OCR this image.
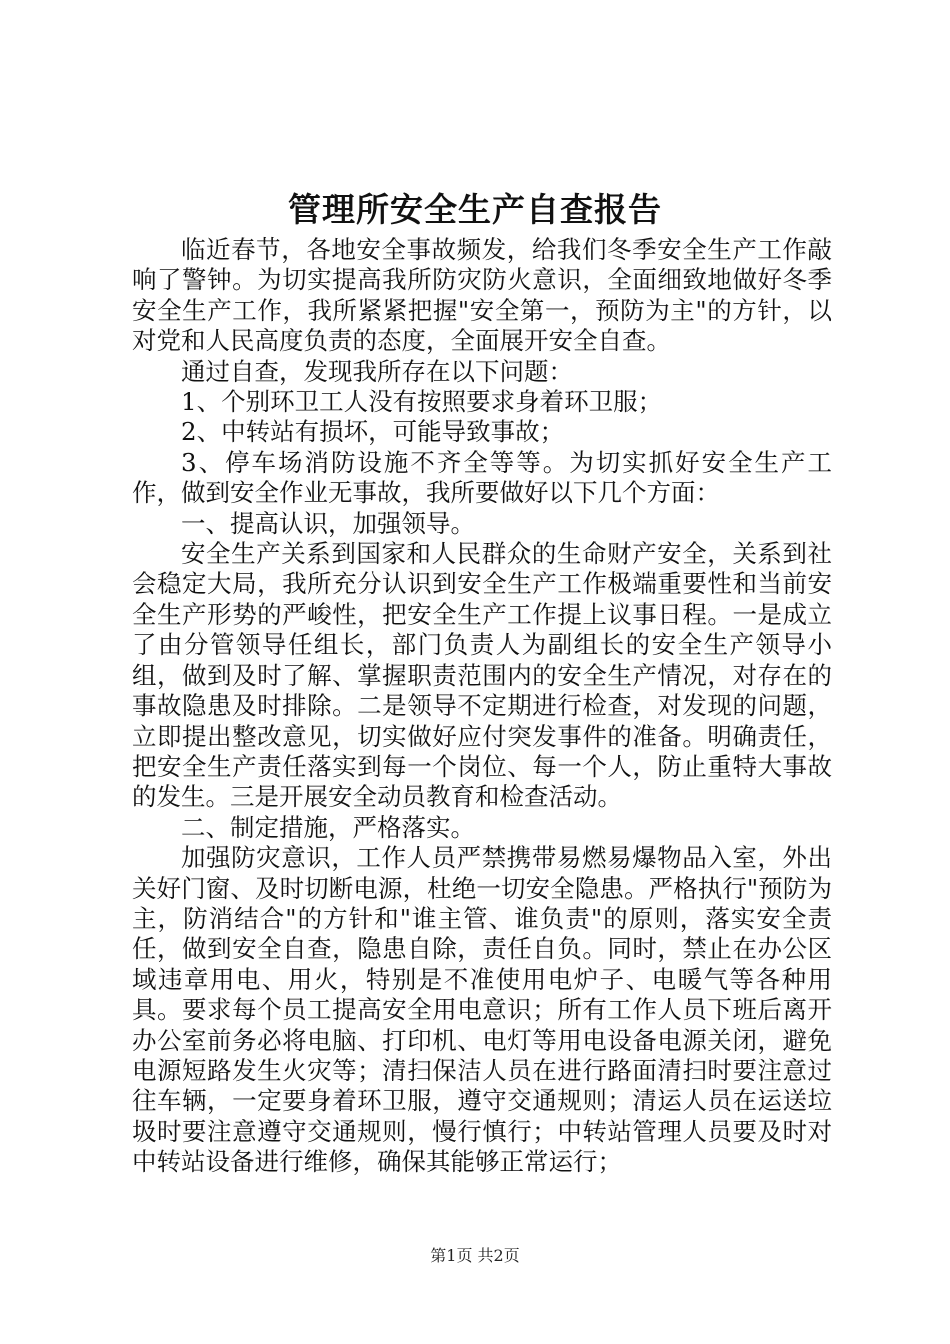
管理所安全生产自查报告

临近春节，各地安全事故频发，给我们冬季安全生产工作敲响了警钟。为切实提高我所防灾防火意识，全面细致地做好冬季安全生产工作，我所紧紧把握"安全第一，预防为主"的方针，以对党和人民高度负责的态度，全面展开安全自查。

通过自查，发现我所存在以下问题：

1、个别环卫工人没有按照要求身着环卫服；

2、中转站有损坏，可能导致事故；

3、停车场消防设施不齐全等等。为切实抓好安全生产工作，做到安全作业无事故，我所要做好以下几个方面：

一、提高认识，加强领导。

安全生产关系到国家和人民群众的生命财产安全，关系到社会稳定大局，我所充分认识到安全生产工作极端重要性和当前安全生产形势的严峻性，把安全生产工作提上议事日程。一是成立了由分管领导任组长，部门负责人为副组长的安全生产领导小组，做到及时了解、掌握职责范围内的安全生产情况，对存在的事故隐患及时排除。二是领导不定期进行检查，对发现的问题，立即提出整改意见，切实做好应付突发事件的准备。明确责任，把安全生产责任落实到每一个岗位、每一个人，防止重特大事故的发生。三是开展安全动员教育和检查活动。

二、制定措施，严格落实。

加强防灾意识，工作人员严禁携带易燃易爆物品入室，外出关好门窗、及时切断电源，杜绝一切安全隐患。严格执行"预防为主，防消结合"的方针和"谁主管、谁负责"的原则，落实安全责任，做到安全自查，隐患自除，责任自负。同时，禁止在办公区域违章用电、用火，特别是不准使用电炉子、电暖气等各种用具。要求每个员工提高安全用电意识；所有工作人员下班后离开办公室前务必将电脑、打印机、电灯等用电设备电源关闭，避免电源短路发生火灾等；清扫保洁人员在进行路面清扫时要注意过往车辆，一定要身着环卫服，遵守交通规则；清运人员在运送垃圾时要注意遵守交通规则，慢行慎行；中转站管理人员要及时对中转站设备进行维修，确保其能够正常运行；

第1页 共2页
